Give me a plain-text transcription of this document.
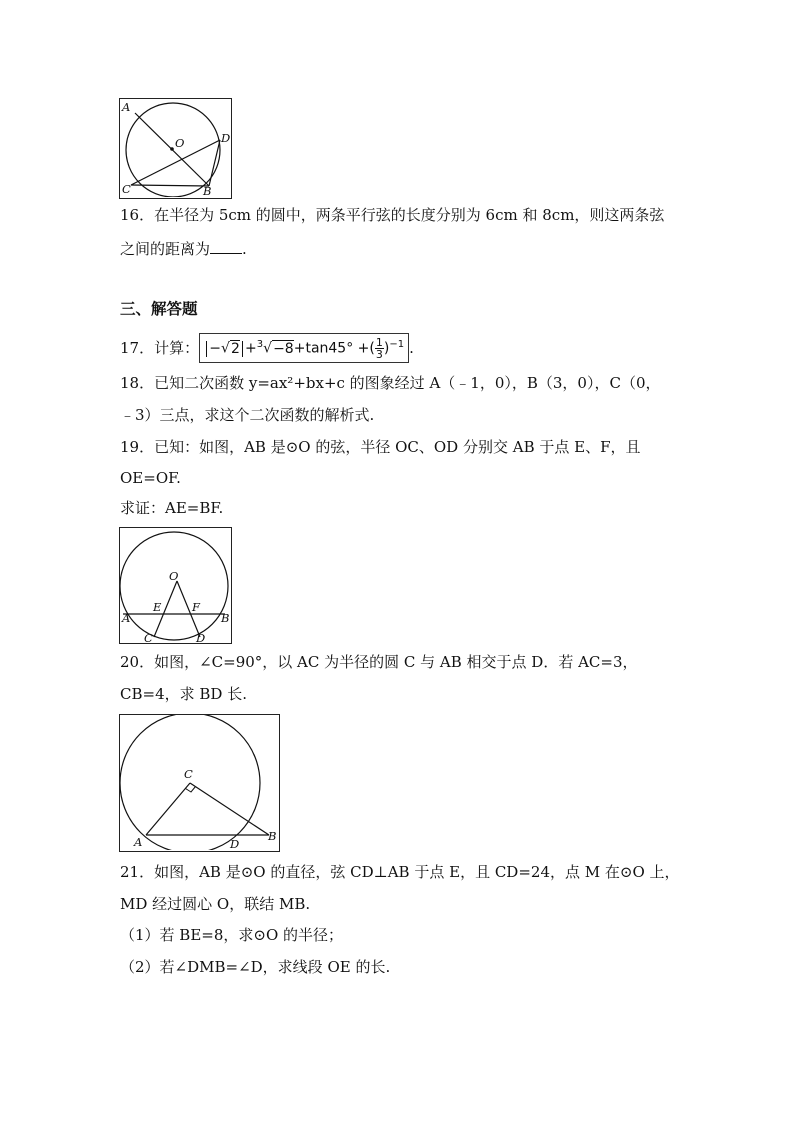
A
O	D
C	B
16．在半径为 5cm 的圆中，两条平行弦的长度分别为 6cm 和 8cm，则这两条弦
之间的距离为 .
三、解答题
17．计算： −√2 +$^3$√−8+tan45° +( $\frac{1}{3} )^{-1}$ .
18．已知二次函数 y=ax²+bx+c 的图象经过 A（﹣1，0），B（3，0），C（0，
﹣3）三点，求这个二次函数的解析式.
19．已知：如图，AB 是⊙O 的弦，半径 OC、OD 分别交 AB 于点 E、F，且
OE=OF.
求证：AE=BF.
O
E	F
A	B
C	D
20．如图，∠C=90°，以 AC 为半径的圆 C 与 AB 相交于点 D．若 AC=3，
CB=4，求 BD 长.
C
A	D
B
21．如图，AB 是⊙O 的直径，弦 CD⊥AB 于点 E，且 CD=24，点 M 在⊙O 上，
MD 经过圆心 O，联结 MB.
（1）若 BE=8，求⊙O 的半径；
（2）若∠DMB=∠D，求线段 OE 的长.
